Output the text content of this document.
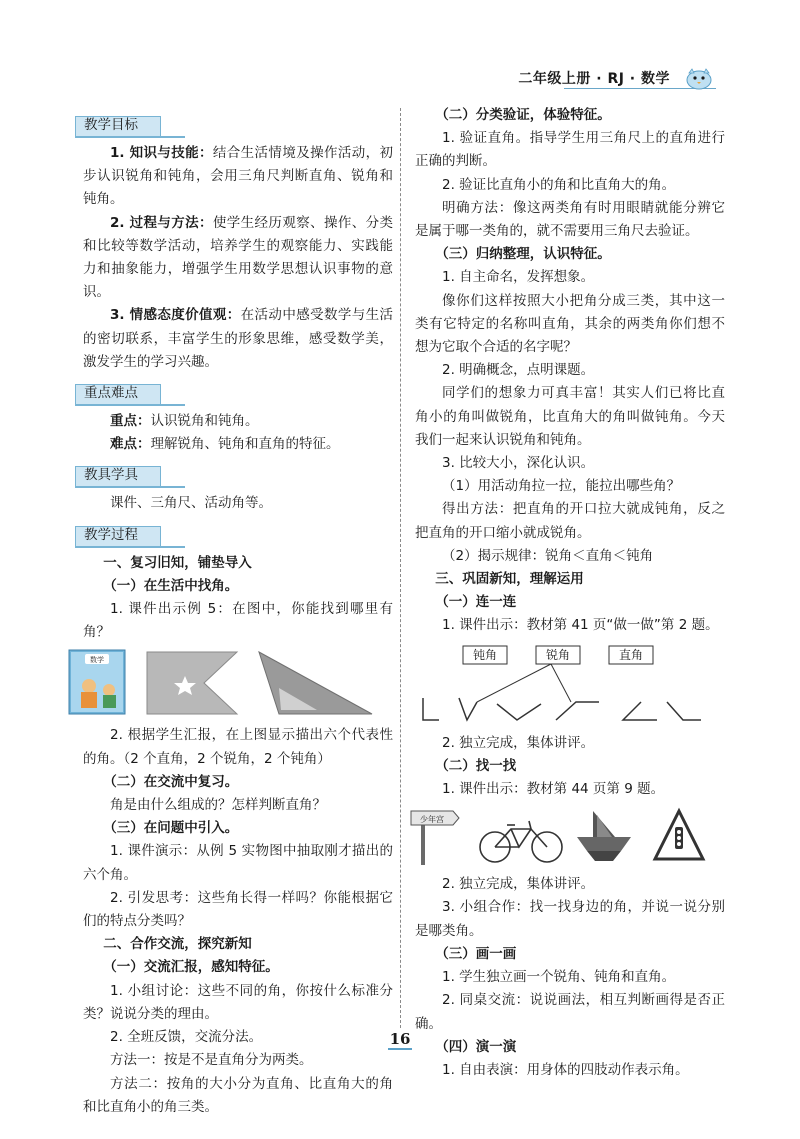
二年级上册 · RJ · 数学
教学目标

1. 知识与技能：结合生活情境及操作活动，初步认识锐角和钝角，会用三角尺判断直角、锐角和钝角。

2. 过程与方法：使学生经历观察、操作、分类和比较等数学活动，培养学生的观察能力、实践能力和抽象能力，增强学生用数学思想认识事物的意识。

3. 情感态度价值观：在活动中感受数学与生活的密切联系，丰富学生的形象思维，感受数学美，激发学生的学习兴趣。

重点难点

重点：认识锐角和钝角。

难点：理解锐角、钝角和直角的特征。

教具学具

课件、三角尺、活动角等。

教学过程

一、复习旧知，铺垫导入

（一）在生活中找角。

1. 课件出示例 5：在图中，你能找到哪里有角？

数学

2. 根据学生汇报，在上图显示描出六个代表性的角。（2 个直角，2 个锐角，2 个钝角）

（二）在交流中复习。

角是由什么组成的？怎样判断直角？

（三）在问题中引入。

1. 课件演示：从例 5 实物图中抽取刚才描出的六个角。

2. 引发思考：这些角长得一样吗？你能根据它们的特点分类吗？

二、合作交流，探究新知

（一）交流汇报，感知特征。

1. 小组讨论：这些不同的角，你按什么标准分类？说说分类的理由。

2. 全班反馈，交流分法。

方法一：按是不是直角分为两类。

方法二：按角的大小分为直角、比直角大的角和比直角小的角三类。

（二）分类验证，体验特征。

1. 验证直角。指导学生用三角尺上的直角进行正确的判断。

2. 验证比直角小的角和比直角大的角。

明确方法：像这两类角有时用眼睛就能分辨它是属于哪一类角的，就不需要用三角尺去验证。

（三）归纳整理，认识特征。

1. 自主命名，发挥想象。

像你们这样按照大小把角分成三类，其中这一类有它特定的名称叫直角，其余的两类角你们想不想为它取个合适的名字呢？

2. 明确概念，点明课题。

同学们的想象力可真丰富！其实人们已将比直角小的角叫做锐角，比直角大的角叫做钝角。今天我们一起来认识锐角和钝角。

3. 比较大小，深化认识。

（1）用活动角拉一拉，能拉出哪些角？

得出方法：把直角的开口拉大就成钝角，反之把直角的开口缩小就成锐角。

（2）揭示规律：锐角＜直角＜钝角

三、巩固新知，理解运用

（一）连一连

1. 课件出示：教材第 41 页“做一做”第 2 题。

钝角	锐角	直角

2. 独立完成，集体讲评。

（二）找一找

1. 课件出示：教材第 44 页第 9 题。

少年宫

2. 独立完成，集体讲评。

3. 小组合作：找一找身边的角，并说一说分别是哪类角。

（三）画一画

1. 学生独立画一个锐角、钝角和直角。

2. 同桌交流：说说画法，相互判断画得是否正确。

（四）演一演

1. 自由表演：用身体的四肢动作表示角。

16
